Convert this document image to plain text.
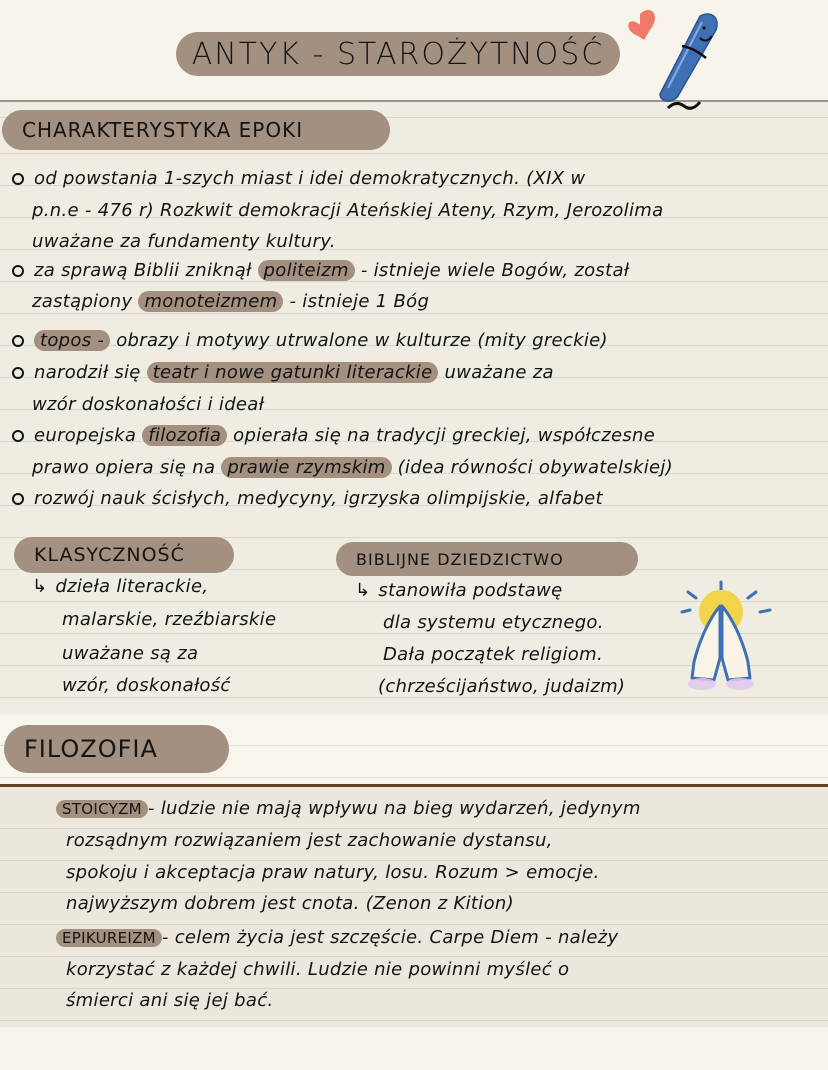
ANTYK - STAROŻYTNOŚĆ
CHARAKTERYSTYKA EPOKI
od powstania 1-szych miast i idei demokratycznych. (XIX w
p.n.e - 476 r) Rozkwit demokracji Ateńskiej Ateny, Rzym, Jerozolima
uważane za fundamenty kultury.
za sprawą Biblii zniknął politeizm - istnieje wiele Bogów, został
zastąpiony monoteizmem - istnieje 1 Bóg
topos - obrazy i motywy utrwalone w kulturze (mity greckie)
narodził się teatr i nowe gatunki literackie uważane za
wzór doskonałości i ideał
europejska filozofia opierała się na tradycji greckiej, współczesne
prawo opiera się na prawie rzymskim (idea równości obywatelskiej)
rozwój nauk ścisłych, medycyny, igrzyska olimpijskie, alfabet
KLASYCZNOŚĆ
↳ dzieła literackie,
malarskie, rzeźbiarskie
uważane są za
wzór, doskonałość
BIBLIJNE DZIEDZICTWO
↳ stanowiła podstawę
dla systemu etycznego.
Dała początek religiom.
(chrześcijaństwo, judaizm)
FILOZOFIA
STOICYZM - ludzie nie mają wpływu na bieg wydarzeń, jedynym
rozsądnym rozwiązaniem jest zachowanie dystansu,
spokoju i akceptacja praw natury, losu. Rozum > emocje.
najwyższym dobrem jest cnota. (Zenon z Kition)
EPIKUREIZM - celem życia jest szczęście. Carpe Diem - należy
korzystać z każdej chwili. Ludzie nie powinni myśleć o
śmierci ani się jej bać.
